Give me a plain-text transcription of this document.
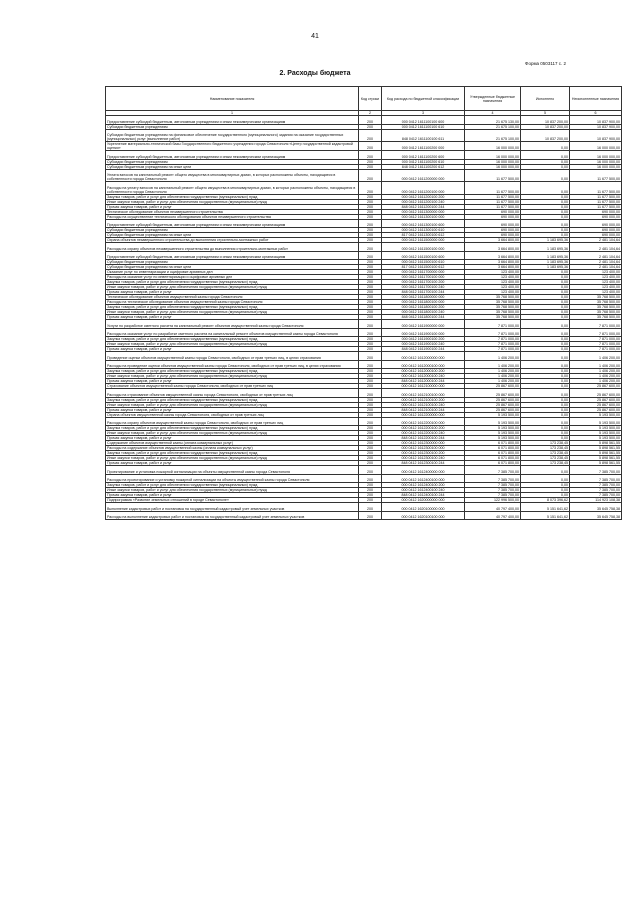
41
Форма 0503117 с. 2
2. Расходы бюджета
Наименование показателя	Код строки	Код расхода по бюджетной классификации	Утвержденные бюджетные назначения	Исполнено	Неисполненные назначения
1	2	3	4	5	6
Предоставление субсидий бюджетным, автономным учреждениям и иным некоммерческим организациям	200	000 0412 1611100100 600	21 675 130,00	10 837 200,00	10 837 900,00
Субсидии бюджетным учреждениям	200	000 0412 1611100100 610	21 675 100,00	10 837 200,00	10 837 900,00
Субсидии бюджетным учреждениям на финансовое обеспечение государственного (муниципального) задания на оказание государственных (муниципальных) услуг (выполнение работ)	200	848 0412 1611100100 611	21 675 100,00	10 837 200,00	10 837 900,00
Укрепление материально-технической базы Государственного бюджетного учреждения города Севастополя «Центр государственной кадастровой оценки»	200	000 0412 1611100200 000	16 000 000,00	0,00	16 000 000,00
Предоставление субсидий бюджетным, автономным учреждениям и иным некоммерческим организациям	200	000 0412 1611100200 600	16 000 000,00	0,00	16 000 000,00
Субсидии бюджетным учреждениям	200	000 0412 1611100200 610	16 000 000,00	0,00	16 000 000,00
Субсидии бюджетным учреждениям на иные цели	200	848 0412 1611100200 612	16 000 000,00	0,00	16 000 000,00
Уплата взносов на капитальный ремонт общего имущества в многоквартирных домах, в которых расположены объекты, находящиеся в собственности города Севастополя	200	000 0412 1611200000 000	11 677 500,00	0,00	11 677 500,00
Расходы на уплату взносов на капитальный ремонт общего имущества в многоквартирных домах, в которых расположены объекты, находящиеся в собственности города Севастополя	200	000 0412 1611200100 000	11 677 500,00	0,00	11 677 500,00
Закупка товаров, работ и услуг для обеспечения государственных (муниципальных) нужд	200	000 0412 1611200100 200	11 677 500,00	0,00	11 677 500,00
Иные закупки товаров, работ и услуг для обеспечения государственных (муниципальных) нужд	200	000 0412 1611200100 240	11 677 500,00	0,00	11 677 500,00
Прочая закупка товаров, работ и услуг	200	848 0412 1611200100 244	11 677 500,00	0,00	11 677 500,00
Техническое обследование объектов незавершенного строительства	200	000 0412 1611300000 000	690 000,00	0,00	690 000,00
Расходы на осуществление технического обследования объектов незавершенного строительства	200	000 0412 1611300100 000	690 000,00	0,00	690 000,00
Предоставление субсидий бюджетным, автономным учреждениям и иным некоммерческим организациям	200	000 0412 1611300100 600	690 000,00	0,00	690 000,00
Субсидии бюджетным учреждениям	200	000 0412 1611300100 610	690 000,00	0,00	690 000,00
Субсидии бюджетным учреждениям на иные цели	200	817 0412 1611300100 612	690 000,00	0,00	690 000,00
Охрана объектов незавершенного строительства до выполнения строительно-монтажных работ	200	000 0412 1611500000 000	3 664 800,00	1 183 695,36	2 481 104,64
Расходы на охрану объектов незавершенного строительства до выполнения строительно-монтажных работ	200	000 0412 1611500100 000	3 664 800,00	1 183 695,36	2 481 104,64
Предоставление субсидий бюджетным, автономным учреждениям и иным некоммерческим организациям	200	000 0412 1611500100 600	3 664 800,00	1 183 695,36	2 481 104,64
Субсидии бюджетным учреждениям	200	000 0412 1611500100 610	3 664 800,00	1 183 695,36	2 481 104,64
Субсидии бюджетным учреждениям на иные цели	200	817 0412 1611500100 612	3 664 800,00	1 183 695,36	2 481 104,64
Оказание услуг по инвентаризации и оцифровке архивных дел	200	000 0412 1611700000 000	123 400,00	0,00	123 400,00
Расходы на оказание услуг по инвентаризации и оцифровке архивных дел	200	000 0412 1611700100 000	123 400,00	0,00	123 400,00
Закупка товаров, работ и услуг для обеспечения государственных (муниципальных) нужд	200	000 0412 1611700100 200	123 400,00	0,00	123 400,00
Иные закупки товаров, работ и услуг для обеспечения государственных (муниципальных) нужд	200	000 0412 1611700100 240	123 400,00	0,00	123 400,00
Прочая закупка товаров, работ и услуг	200	848 0412 1611700100 244	123 400,00	0,00	123 400,00
Техническое обследование объектов имущественной казны города Севастополя	200	000 0412 1611800000 000	35 768 500,00	0,00	35 768 500,00
Расходы на техническое обследование объектов имущественной казны города Севастополя	200	000 0412 1611800100 000	35 768 500,00	0,00	35 768 500,00
Закупка товаров, работ и услуг для обеспечения государственных (муниципальных) нужд	200	000 0412 1611800100 200	35 768 500,00	0,00	35 768 500,00
Иные закупки товаров, работ и услуг для обеспечения государственных (муниципальных) нужд	200	000 0412 1611800100 240	35 768 500,00	0,00	35 768 500,00
Прочая закупка товаров, работ и услуг	200	848 0412 1611800100 244	35 768 500,00	0,00	35 768 500,00
Услуги по разработке сметного расчета на капитальный ремонт объектов имущественной казны города Севастополя	200	000 0412 1611900000 000	7 871 000,00	0,00	7 871 000,00
Расходы на оказание услуг по разработке сметного расчета на капитальный ремонт объектов имущественной казны города Севастополя	200	000 0412 1611900100 000	7 871 000,00	0,00	7 871 000,00
Закупка товаров, работ и услуг для обеспечения государственных (муниципальных) нужд	200	000 0412 1611900100 200	7 871 000,00	0,00	7 871 000,00
Иные закупки товаров, работ и услуг для обеспечения государственных (муниципальных) нужд	200	000 0412 1611900100 240	7 871 000,00	0,00	7 871 000,00
Прочая закупка товаров, работ и услуг	200	848 0412 1611900100 244	7 871 000,00	0,00	7 871 000,00
Проведение оценки объектов имущественной казны города Севастополя, свободных от прав третьих лиц, в целях страхования	200	000 0412 1612000000 000	1 406 200,00	0,00	1 406 200,00
Расходы на проведение оценки объектов имущественной казны города Севастополя, свободных от прав третьих лиц, в целях страхования	200	000 0412 1612000100 000	1 406 200,00	0,00	1 406 200,00
Закупка товаров, работ и услуг для обеспечения государственных (муниципальных) нужд	200	000 0412 1612000100 200	1 406 200,00	0,00	1 406 200,00
Иные закупки товаров, работ и услуг для обеспечения государственных (муниципальных) нужд	200	000 0412 1612000100 240	1 406 200,00	0,00	1 406 200,00
Прочая закупка товаров, работ и услуг	200	848 0412 1612000100 244	1 406 200,00	0,00	1 406 200,00
Страхование объектов имущественной казны города Севастополя, свободных от прав третьих лиц	200	000 0412 1612100000 000	25 867 600,00	0,00	25 867 600,00
Расходы на страхование объектов имущественной казны города Севастополя, свободных от прав третьих лиц	200	000 0412 1612100100 000	25 867 600,00	0,00	25 867 600,00
Закупка товаров, работ и услуг для обеспечения государственных (муниципальных) нужд	200	000 0412 1612100100 200	25 867 600,00	0,00	25 867 600,00
Иные закупки товаров, работ и услуг для обеспечения государственных (муниципальных) нужд	200	000 0412 1612100100 240	25 867 600,00	0,00	25 867 600,00
Прочая закупка товаров, работ и услуг	200	848 0412 1612100100 244	25 867 600,00	0,00	25 867 600,00
Охрана объектов имущественной казны города Севастополя, свободных от прав третьих лиц	200	000 0412 1612200000 000	5 193 500,00	0,00	5 193 500,00
Расходы на охрану объектов имущественной казны города Севастополя, свободных от прав третьих лиц	200	000 0412 1612200100 000	5 193 500,00	0,00	5 193 500,00
Закупка товаров, работ и услуг для обеспечения государственных (муниципальных) нужд	200	000 0412 1612200100 200	5 193 500,00	0,00	5 193 500,00
Иные закупки товаров, работ и услуг для обеспечения государственных (муниципальных) нужд	200	000 0412 1612200100 240	5 193 500,00	0,00	5 193 500,00
Прочая закупка товаров, работ и услуг	200	848 0412 1612200100 244	5 193 500,00	0,00	5 193 500,00
Содержание объектов имущественной казны (оплата коммунальных услуг)	200	000 0412 1612300000 000	6 071 800,00	173 238,45	5 898 561,55
Расходы на содержание объектов имущественной казны (оплата коммунальных услуг)	200	000 0412 1612300100 000	6 071 800,00	173 238,45	5 898 561,55
Закупка товаров, работ и услуг для обеспечения государственных (муниципальных) нужд	200	000 0412 1612300100 200	6 071 800,00	173 238,45	5 898 561,55
Иные закупки товаров, работ и услуг для обеспечения государственных (муниципальных) нужд	200	000 0412 1612300100 240	6 071 800,00	173 238,45	5 898 561,55
Прочая закупка товаров, работ и услуг	200	848 0412 1612300100 244	6 071 800,00	173 238,45	5 898 561,55
Проектирование и установка пожарной сигнализации на объекты имущественной казны города Севастополя	200	000 0412 1612400000 000	7 385 700,00	0,00	7 385 700,00
Расходы на проектирование и установку пожарной сигнализации на объекты имущественной казны города Севастополя	200	000 0412 1612400100 000	7 385 700,00	0,00	7 385 700,00
Закупка товаров, работ и услуг для обеспечения государственных (муниципальных) нужд	200	000 0412 1612400100 200	7 385 700,00	0,00	7 385 700,00
Иные закупки товаров, работ и услуг для обеспечения государственных (муниципальных) нужд	200	000 0412 1612400100 240	7 385 700,00	0,00	7 385 700,00
Прочая закупка товаров, работ и услуг	200	848 0412 1612400100 244	7 385 700,00	0,00	7 385 700,00
Подпрограмма «Развитие земельных отношений в городе Севастополе»	200	000 0412 1620000000 000	122 996 500,00	8 073 396,62	114 923 108,38
Выполнение кадастровых работ и постановка на государственный кадастровый учет земельных участков	200	000 0412 1620100000 000	40 797 400,00	5 151 641,62	35 645 758,38
Расходы на выполнение кадастровых работ и постановка на государственный кадастровый учет земельных участков	200	000 0412 1620100100 000	40 797 400,00	5 151 641,62	35 645 758,38
